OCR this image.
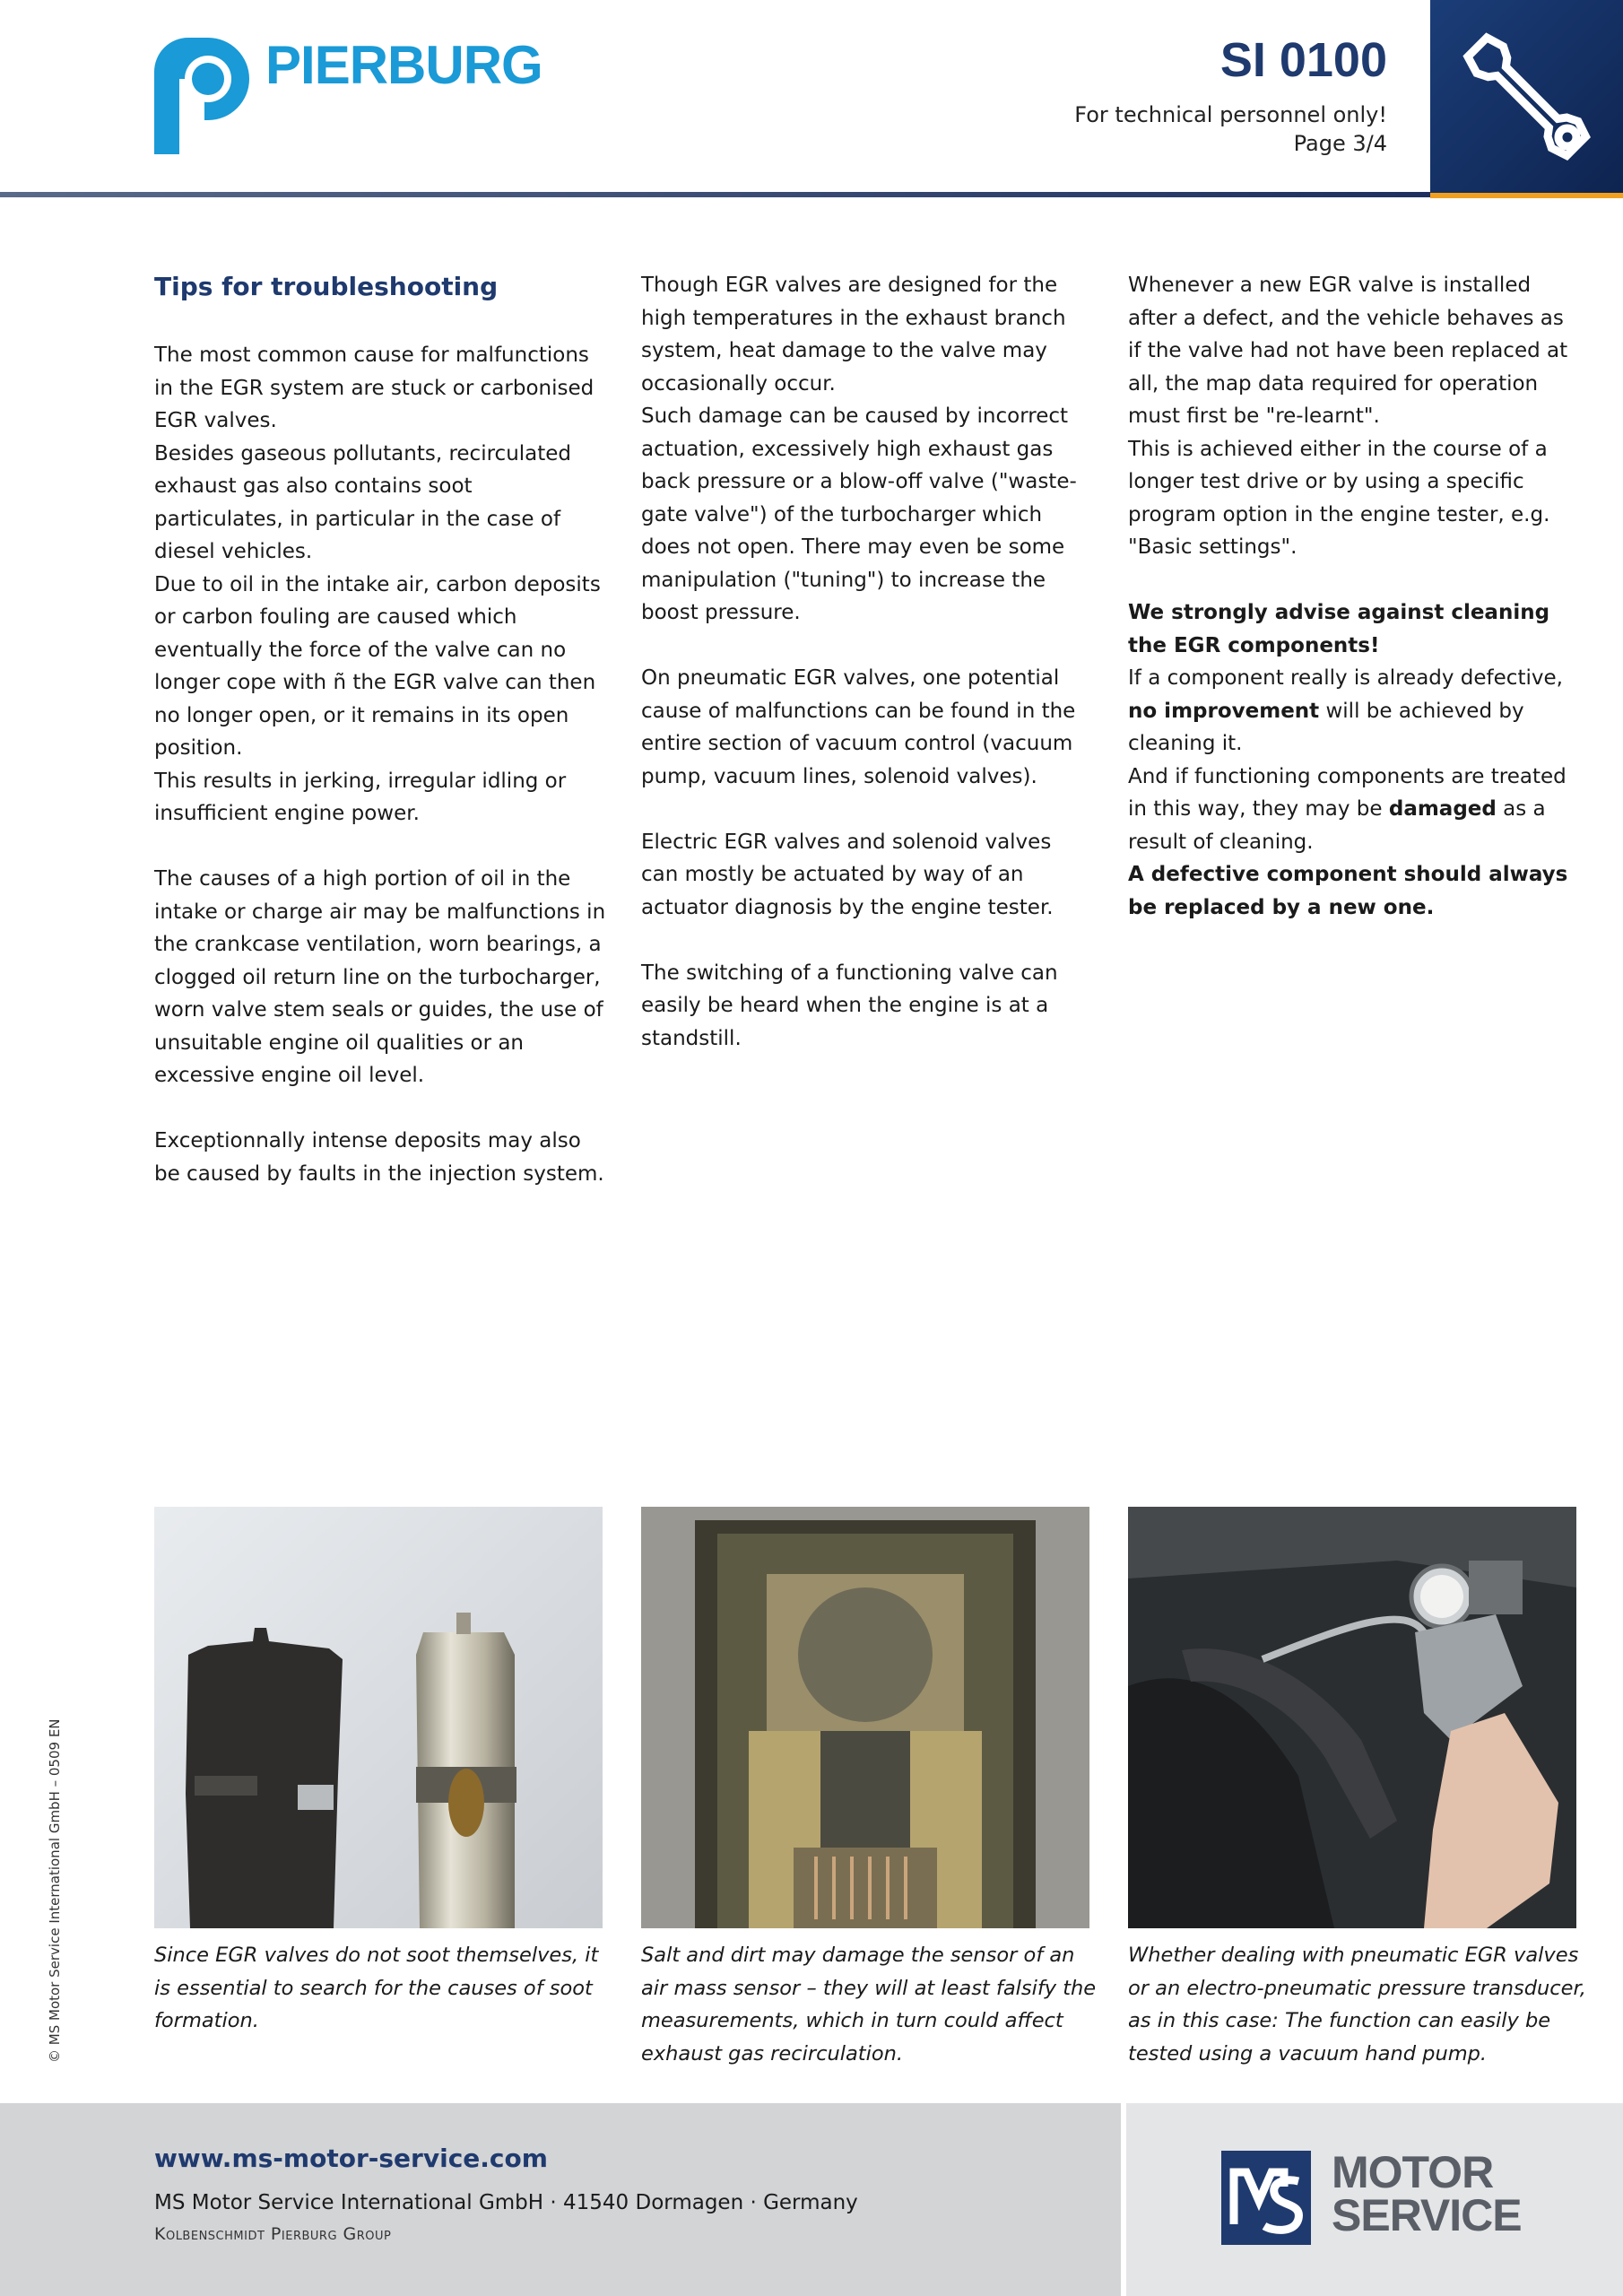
PIERBURG	SI 0100
For technical personnel only!
Page 3/4
Tips for troubleshooting

The most common cause for malfunctions in the EGR system are stuck or carbonised EGR valves.

Besides gaseous pollutants, recirculated exhaust gas also contains soot particulates, in particular in the case of diesel vehicles.

Due to oil in the intake air, carbon deposits or carbon fouling are caused which eventually the force of the valve can no longer cope with ñ the EGR valve can then no longer open, or it remains in its open position.

This results in jerking, irregular idling or insufficient engine power.

The causes of a high portion of oil in the intake or charge air may be malfunctions in the crankcase ventilation, worn bearings, a clogged oil return line on the turbocharger, worn valve stem seals or guides, the use of unsuitable engine oil qualities or an excessive engine oil level.

Exceptionnally intense deposits may also be caused by faults in the injection system.

Though EGR valves are designed for the high temperatures in the exhaust branch system, heat damage to the valve may occasionally occur.

Such damage can be caused by incorrect actuation, excessively high exhaust gas back pressure or a blow-off valve ("waste-gate valve") of the turbocharger which does not open. There may even be some manipulation ("tuning") to increase the boost pressure.

On pneumatic EGR valves, one potential cause of malfunctions can be found in the entire section of vacuum control (vacuum pump, vacuum lines, solenoid valves).

Electric EGR valves and solenoid valves can mostly be actuated by way of an actuator diagnosis by the engine tester.

The switching of a functioning valve can easily be heard when the engine is at a standstill.

Whenever a new EGR valve is installed after a defect, and the vehicle behaves as if the valve had not have been replaced at all, the map data required for operation must first be "re-learnt".

This is achieved either in the course of a longer test drive or by using a specific program option in the engine tester, e.g. "Basic settings".

We strongly advise against cleaning the EGR components!

If a component really is already defective, no improvement will be achieved by cleaning it.

And if functioning components are treated in this way, they may be damaged as a result of cleaning.

A defective component should always be replaced by a new one.

Since EGR valves do not soot themselves, it is essential to search for the causes of soot formation.

Salt and dirt may damage the sensor of an air mass sensor – they will at least falsify the measurements, which in turn could affect exhaust gas recirculation.

Whether dealing with pneumatic EGR valves or an electro-pneumatic pressure transducer, as in this case: The function can easily be tested using a vacuum hand pump.

© MS Motor Service International GmbH – 0509 EN
www.ms-motor-service.com
MS Motor Service International GmbH · 41540 Dormagen · Germany
Kolbenschmidt Pierburg Group
MOTOR
SERVICE
